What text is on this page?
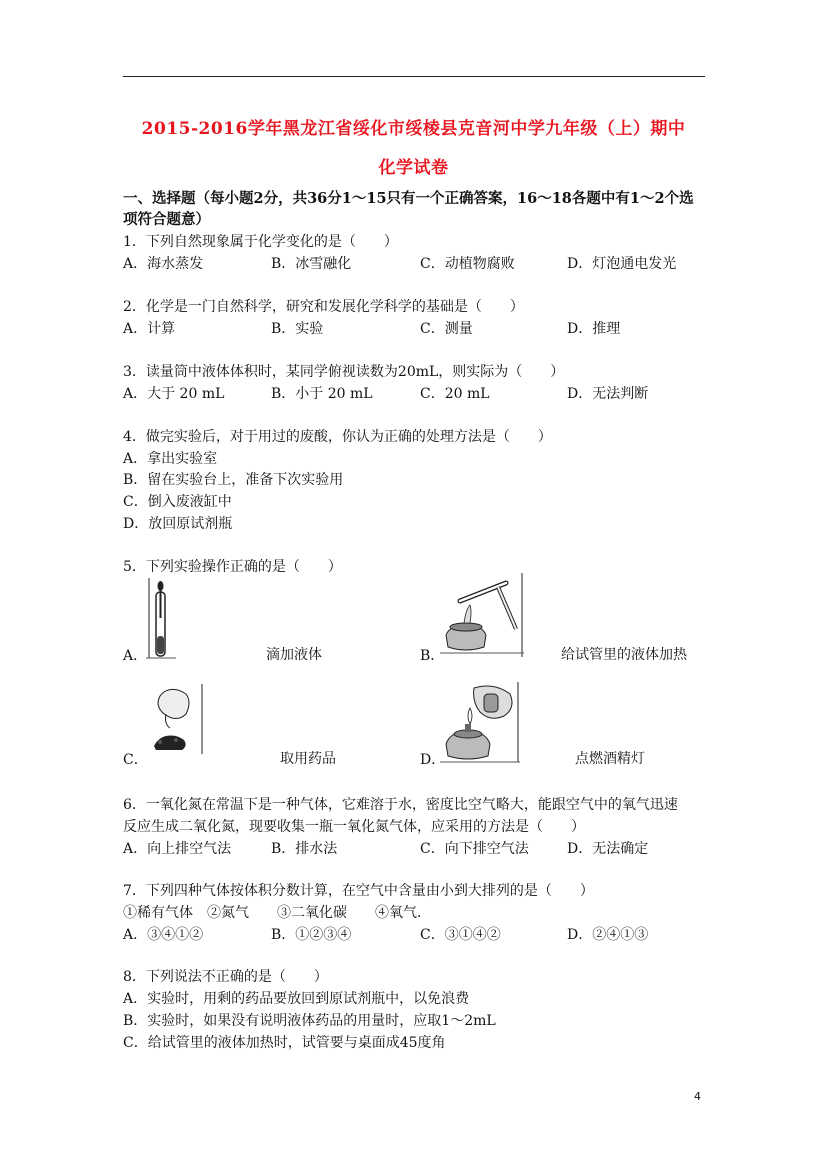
2015-2016学年黑龙江省绥化市绥棱县克音河中学九年级（上）期中
化学试卷
一、选择题（每小题2分，共36分1～15只有一个正确答案，16～18各题中有1～2个选
项符合题意）
1．下列自然现象属于化学变化的是（　　）
A．海水蒸发	B．冰雪融化	C．动植物腐败	D．灯泡通电发光
2．化学是一门自然科学，研究和发展化学科学的基础是（　　）
A．计算	B．实验	C．测量	D．推理
3．读量筒中液体体积时，某同学俯视读数为20mL，则实际为（　　）
A．大于 20 mL	B．小于 20 mL	C．20 mL	D．无法判断
4．做完实验后，对于用过的废酸，你认为正确的处理方法是（　　）
A．拿出实验室
B．留在实验台上，准备下次实验用
C．倒入废液缸中
D．放回原试剂瓶
5．下列实验操作正确的是（　　）
A．	滴加液体	B．	给试管里的液体加热
C．	取用药品	D．	点燃酒精灯
6．一氧化氮在常温下是一种气体，它难溶于水，密度比空气略大，能跟空气中的氧气迅速
反应生成二氧化氮，现要收集一瓶一氧化氮气体，应采用的方法是（　　）
A．向上排空气法	B．排水法	C．向下排空气法	D．无法确定
7．下列四种气体按体积分数计算，在空气中含量由小到大排列的是（　　）
①稀有气体　②氮气　　③二氧化碳　　④氧气．
A．③④①②	B．①②③④	C．③①④②	D．②④①③
8．下列说法不正确的是（　　）
A．实验时，用剩的药品要放回到原试剂瓶中，以免浪费
B．实验时，如果没有说明液体药品的用量时，应取1～2mL
C．给试管里的液体加热时，试管要与桌面成45度角
4
